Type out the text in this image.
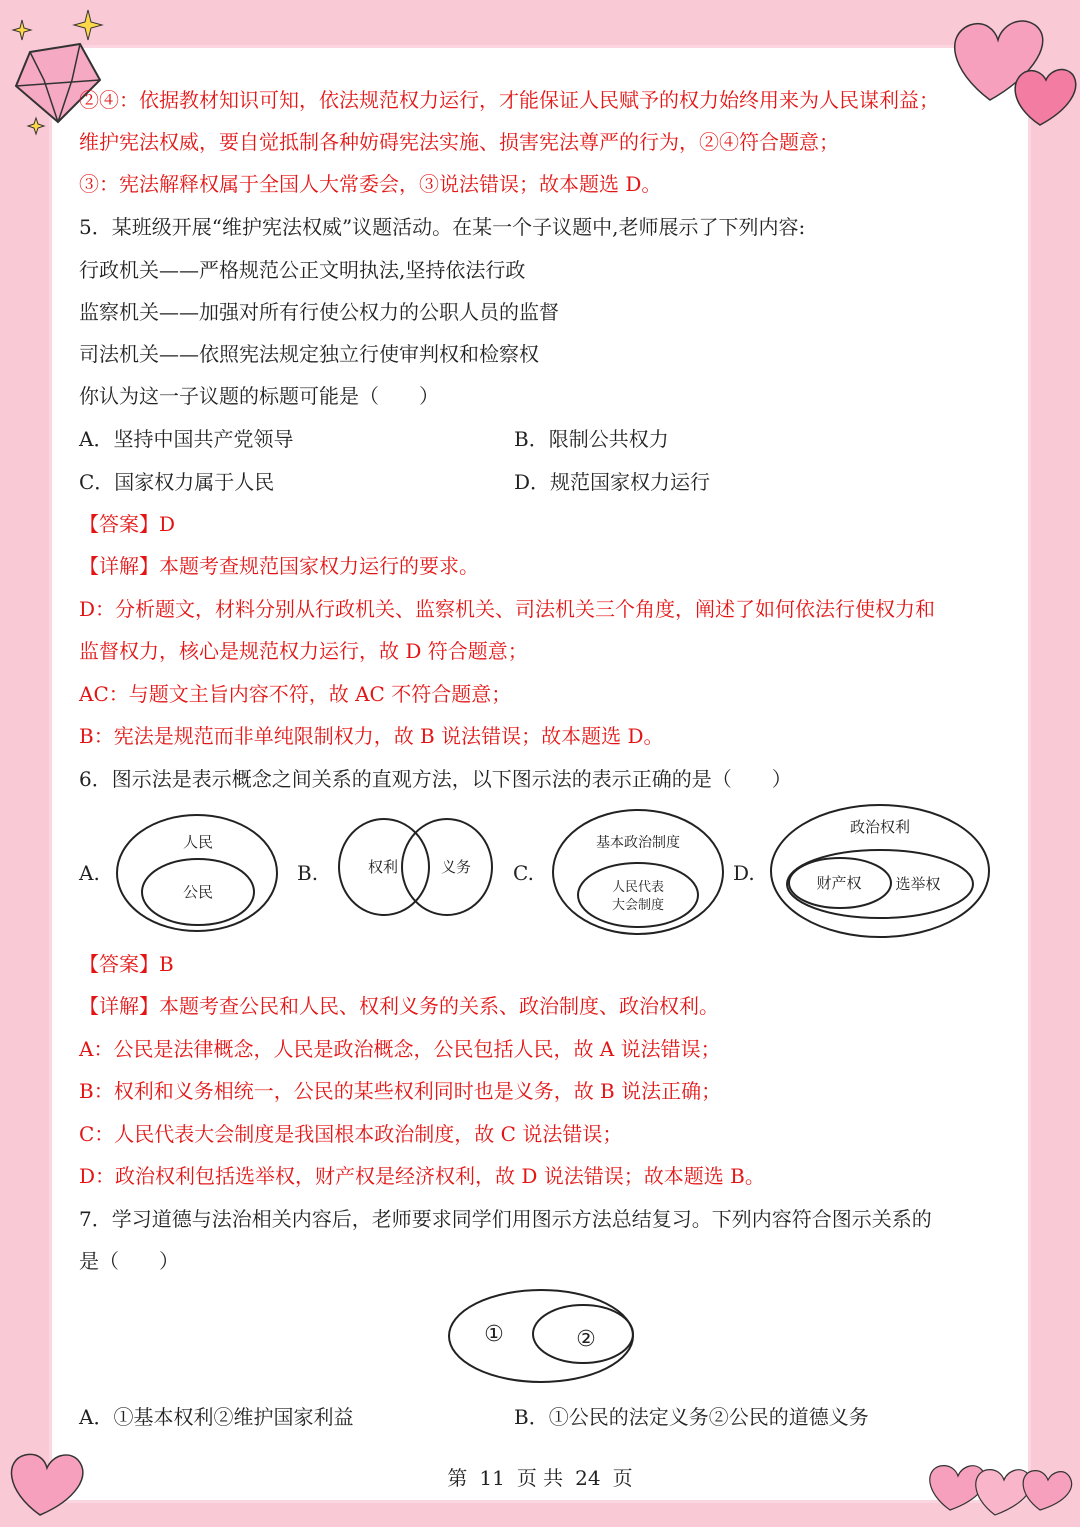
②④：依据教材知识可知，依法规范权力运行，才能保证人民赋予的权力始终用来为人民谋利益；
维护宪法权威，要自觉抵制各种妨碍宪法实施、损害宪法尊严的行为，②④符合题意；
③：宪法解释权属于全国人大常委会，③说法错误；故本题选 D。
5．某班级开展“维护宪法权威”议题活动。在某一个子议题中,老师展示了下列内容:
行政机关——严格规范公正文明执法,坚持依法行政
监察机关——加强对所有行使公权力的公职人员的监督
司法机关——依照宪法规定独立行使审判权和检察权
你认为这一子议题的标题可能是（　　）
A．坚持中国共产党领导	B．限制公共权力
C．国家权力属于人民	D．规范国家权力运行
【答案】D
【详解】本题考查规范国家权力运行的要求。
D：分析题文，材料分别从行政机关、监察机关、司法机关三个角度，阐述了如何依法行使权力和
监督权力，核心是规范权力运行，故 D 符合题意；
AC：与题文主旨内容不符，故 AC 不符合题意；
B：宪法是规范而非单纯限制权力，故 B 说法错误；故本题选 D。
6．图示法是表示概念之间关系的直观方法，以下图示法的表示正确的是（　　）
A.
人民
公民
B.	权利	义务 C.
基本政治制度
人民代表
大会制度
D.
政治权利
财产权 选举权
【答案】B
【详解】本题考查公民和人民、权利义务的关系、政治制度、政治权利。
A：公民是法律概念，人民是政治概念，公民包括人民，故 A 说法错误；
B：权利和义务相统一，公民的某些权利同时也是义务，故 B 说法正确；
C：人民代表大会制度是我国根本政治制度，故 C 说法错误；
D：政治权利包括选举权，财产权是经济权利，故 D 说法错误；故本题选 B。
7．学习道德与法治相关内容后，老师要求同学们用图示方法总结复习。下列内容符合图示关系的
是（　　）
①	②
A．①基本权利②维护国家利益	B．①公民的法定义务②公民的道德义务
第 11 页 共 24 页
